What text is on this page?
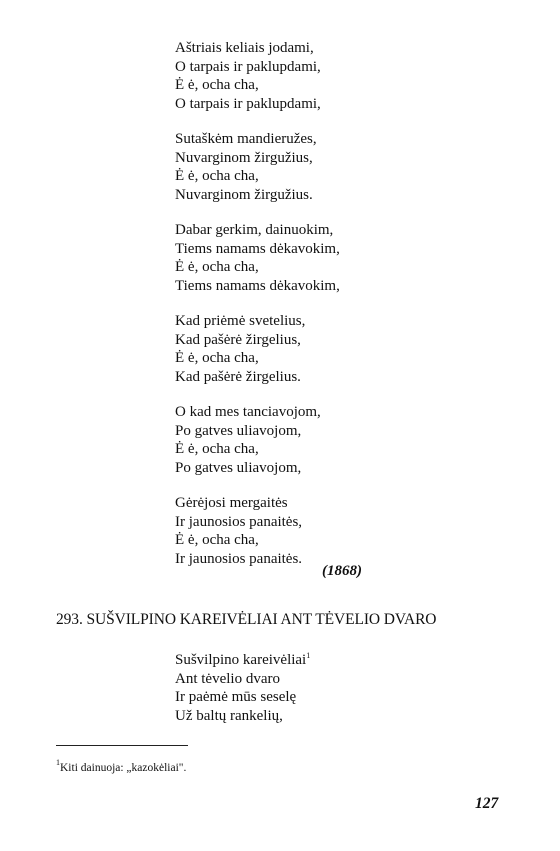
Aštriais keliais jodami,
O tarpais ir paklupdami,
Ė ė, ocha cha,
O tarpais ir paklupdami,
Sutaškėm mandieružes,
Nuvarginom žirgužius,
Ė ė, ocha cha,
Nuvarginom žirgužius.
Dabar gerkim, dainuokim,
Tiems namams dėkavokim,
Ė ė, ocha cha,
Tiems namams dėkavokim,
Kad priėmė svetelius,
Kad pašėrė žirgelius,
Ė ė, ocha cha,
Kad pašėrė žirgelius.
O kad mes tanciavojom,
Po gatves uliavojom,
Ė ė, ocha cha,
Po gatves uliavojom,
Gėrėjosi mergaitės
Ir jaunosios panaitės,
Ė ė, ocha cha,
Ir jaunosios panaitės.
(1868)
293. SUŠVILPINO KAREIVĖLIAI ANT TĖVELIO DVARO
Sušvilpino kareivėliai$^1$
Ant tėvelio dvaro
Ir paėmė mūs seselę
Už baltų rankelių,
$^1$Kiti dainuoja: „kazokėliai".
127
